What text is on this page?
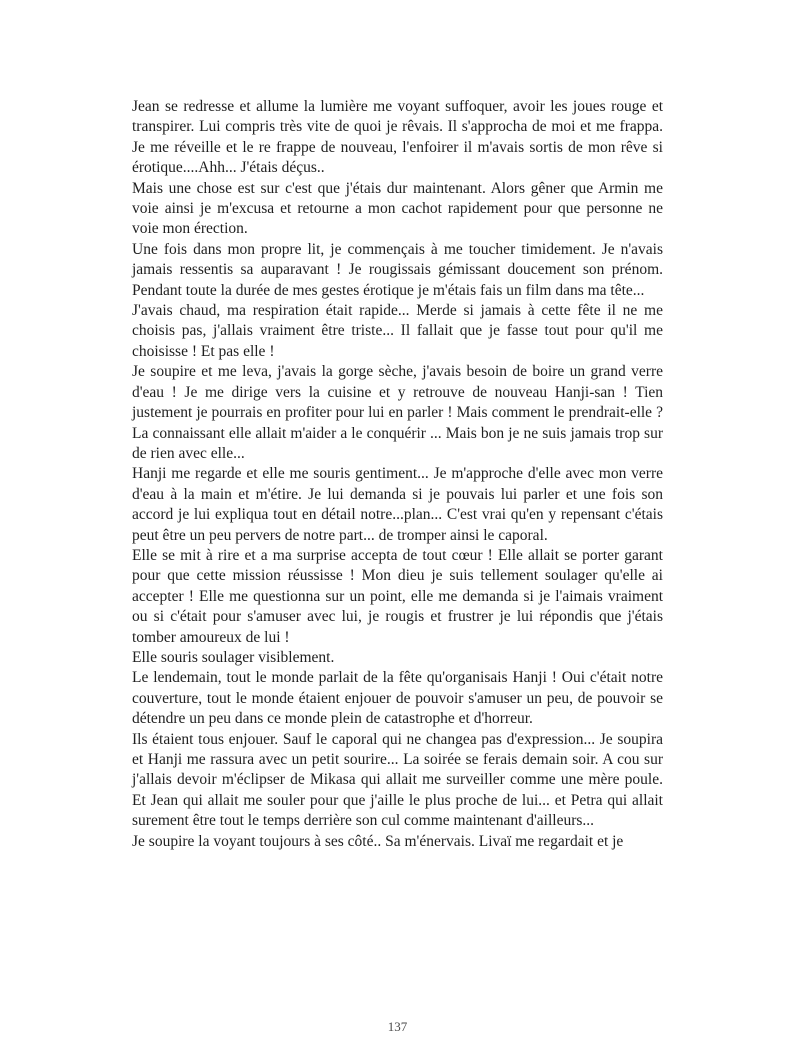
Jean se redresse et allume la lumière me voyant suffoquer, avoir les joues rouge et transpirer. Lui compris très vite de quoi je rêvais. Il s'approcha de moi et me frappa. Je me réveille et le re frappe de nouveau, l'enfoirer il m'avais sortis de mon rêve si érotique....Ahh... J'étais déçus..

Mais une chose est sur c'est que j'étais dur maintenant. Alors gêner que Armin me voie ainsi je m'excusa et retourne a mon cachot rapidement pour que personne ne voie mon érection.

Une fois dans mon propre lit, je commençais à me toucher timidement. Je n'avais jamais ressentis sa auparavant ! Je rougissais gémissant doucement son prénom. Pendant toute la durée de mes gestes érotique je m'étais fais un film dans ma tête...

J'avais chaud, ma respiration était rapide... Merde si jamais à cette fête il ne me choisis pas, j'allais vraiment être triste... Il fallait que je fasse tout pour qu'il me choisisse ! Et pas elle !

Je soupire et me leva, j'avais la gorge sèche, j'avais besoin de boire un grand verre d'eau ! Je me dirige vers la cuisine et y retrouve de nouveau Hanji-san ! Tien justement je pourrais en profiter pour lui en parler ! Mais comment le prendrait-elle ? La connaissant elle allait m'aider a le conquérir ... Mais bon je ne suis jamais trop sur de rien avec elle...

Hanji me regarde et elle me souris gentiment... Je m'approche d'elle avec mon verre d'eau à la main et m'étire. Je lui demanda si je pouvais lui parler et une fois son accord je lui expliqua tout en détail notre...plan... C'est vrai qu'en y repensant c'étais peut être un peu pervers de notre part... de tromper ainsi le caporal.

Elle se mit à rire et a ma surprise accepta de tout cœur ! Elle allait se porter garant pour que cette mission réussisse ! Mon dieu je suis tellement soulager qu'elle ai accepter ! Elle me questionna sur un point, elle me demanda si je l'aimais vraiment ou si c'était pour s'amuser avec lui, je rougis et frustrer je lui répondis que j'étais tomber amoureux de lui !

Elle souris soulager visiblement.

Le lendemain, tout le monde parlait de la fête qu'organisais Hanji ! Oui c'était notre couverture, tout le monde étaient enjouer de pouvoir s'amuser un peu, de pouvoir se détendre un peu dans ce monde plein de catastrophe et d'horreur.

Ils étaient tous enjouer. Sauf le caporal qui ne changea pas d'expression... Je soupira et Hanji me rassura avec un petit sourire... La soirée se ferais demain soir. A cou sur j'allais devoir m'éclipser de Mikasa qui allait me surveiller comme une mère poule. Et Jean qui allait me souler pour que j'aille le plus proche de lui... et Petra qui allait surement être tout le temps derrière son cul comme maintenant d'ailleurs...

Je soupire la voyant toujours à ses côté.. Sa m'énervais. Livaï me regardait et je

137
